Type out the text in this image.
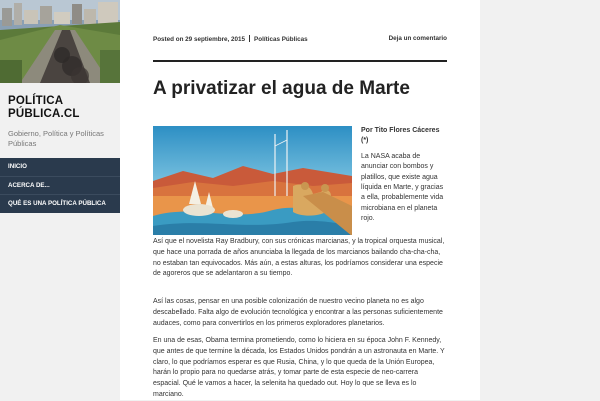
POLÍTICA
PÚBLICA.CL
Gobierno, Política y Políticas Públicas
INICIO
ACERCA DE...
QUÉ ES UNA POLÍTICA PÚBLICA
Posted on 29 septiembre, 2015 Políticas Públicas	Deja un comentario
A privatizar el agua de Marte

Por Tito Flores Cáceres (*)

La NASA acaba de anunciar con bombos y platillos, que existe agua líquida en Marte, y gracias a ella, probablemente vida microbiana en el planeta rojo.

Así que el novelista Ray Bradbury, con sus crónicas marcianas, y la tropical orquesta musical, que hace una porrada de años anunciaba la llegada de los marcianos bailando cha-cha-cha, no estaban tan equivocados. Más aún, a estas alturas, los podríamos considerar una especie de agoreros que se adelantaron a su tiempo.

Así las cosas, pensar en una posible colonización de nuestro vecino planeta no es algo descabellado. Falta algo de evolución tecnológica y encontrar a las personas suficientemente audaces, como para convertirlos en los primeros exploradores planetarios.

En una de esas, Obama termina prometiendo, como lo hiciera en su época John F. Kennedy, que antes de que termine la década, los Estados Unidos pondrán a un astronauta en Marte. Y claro, lo que podríamos esperar es que Rusia, China, y lo que queda de la Unión Europea, harán lo propio para no quedarse atrás, y tomar parte de esta especie de neo-carrera espacial. Qué le vamos a hacer, la selenita ha quedado out. Hoy lo que se lleva es lo marciano.
